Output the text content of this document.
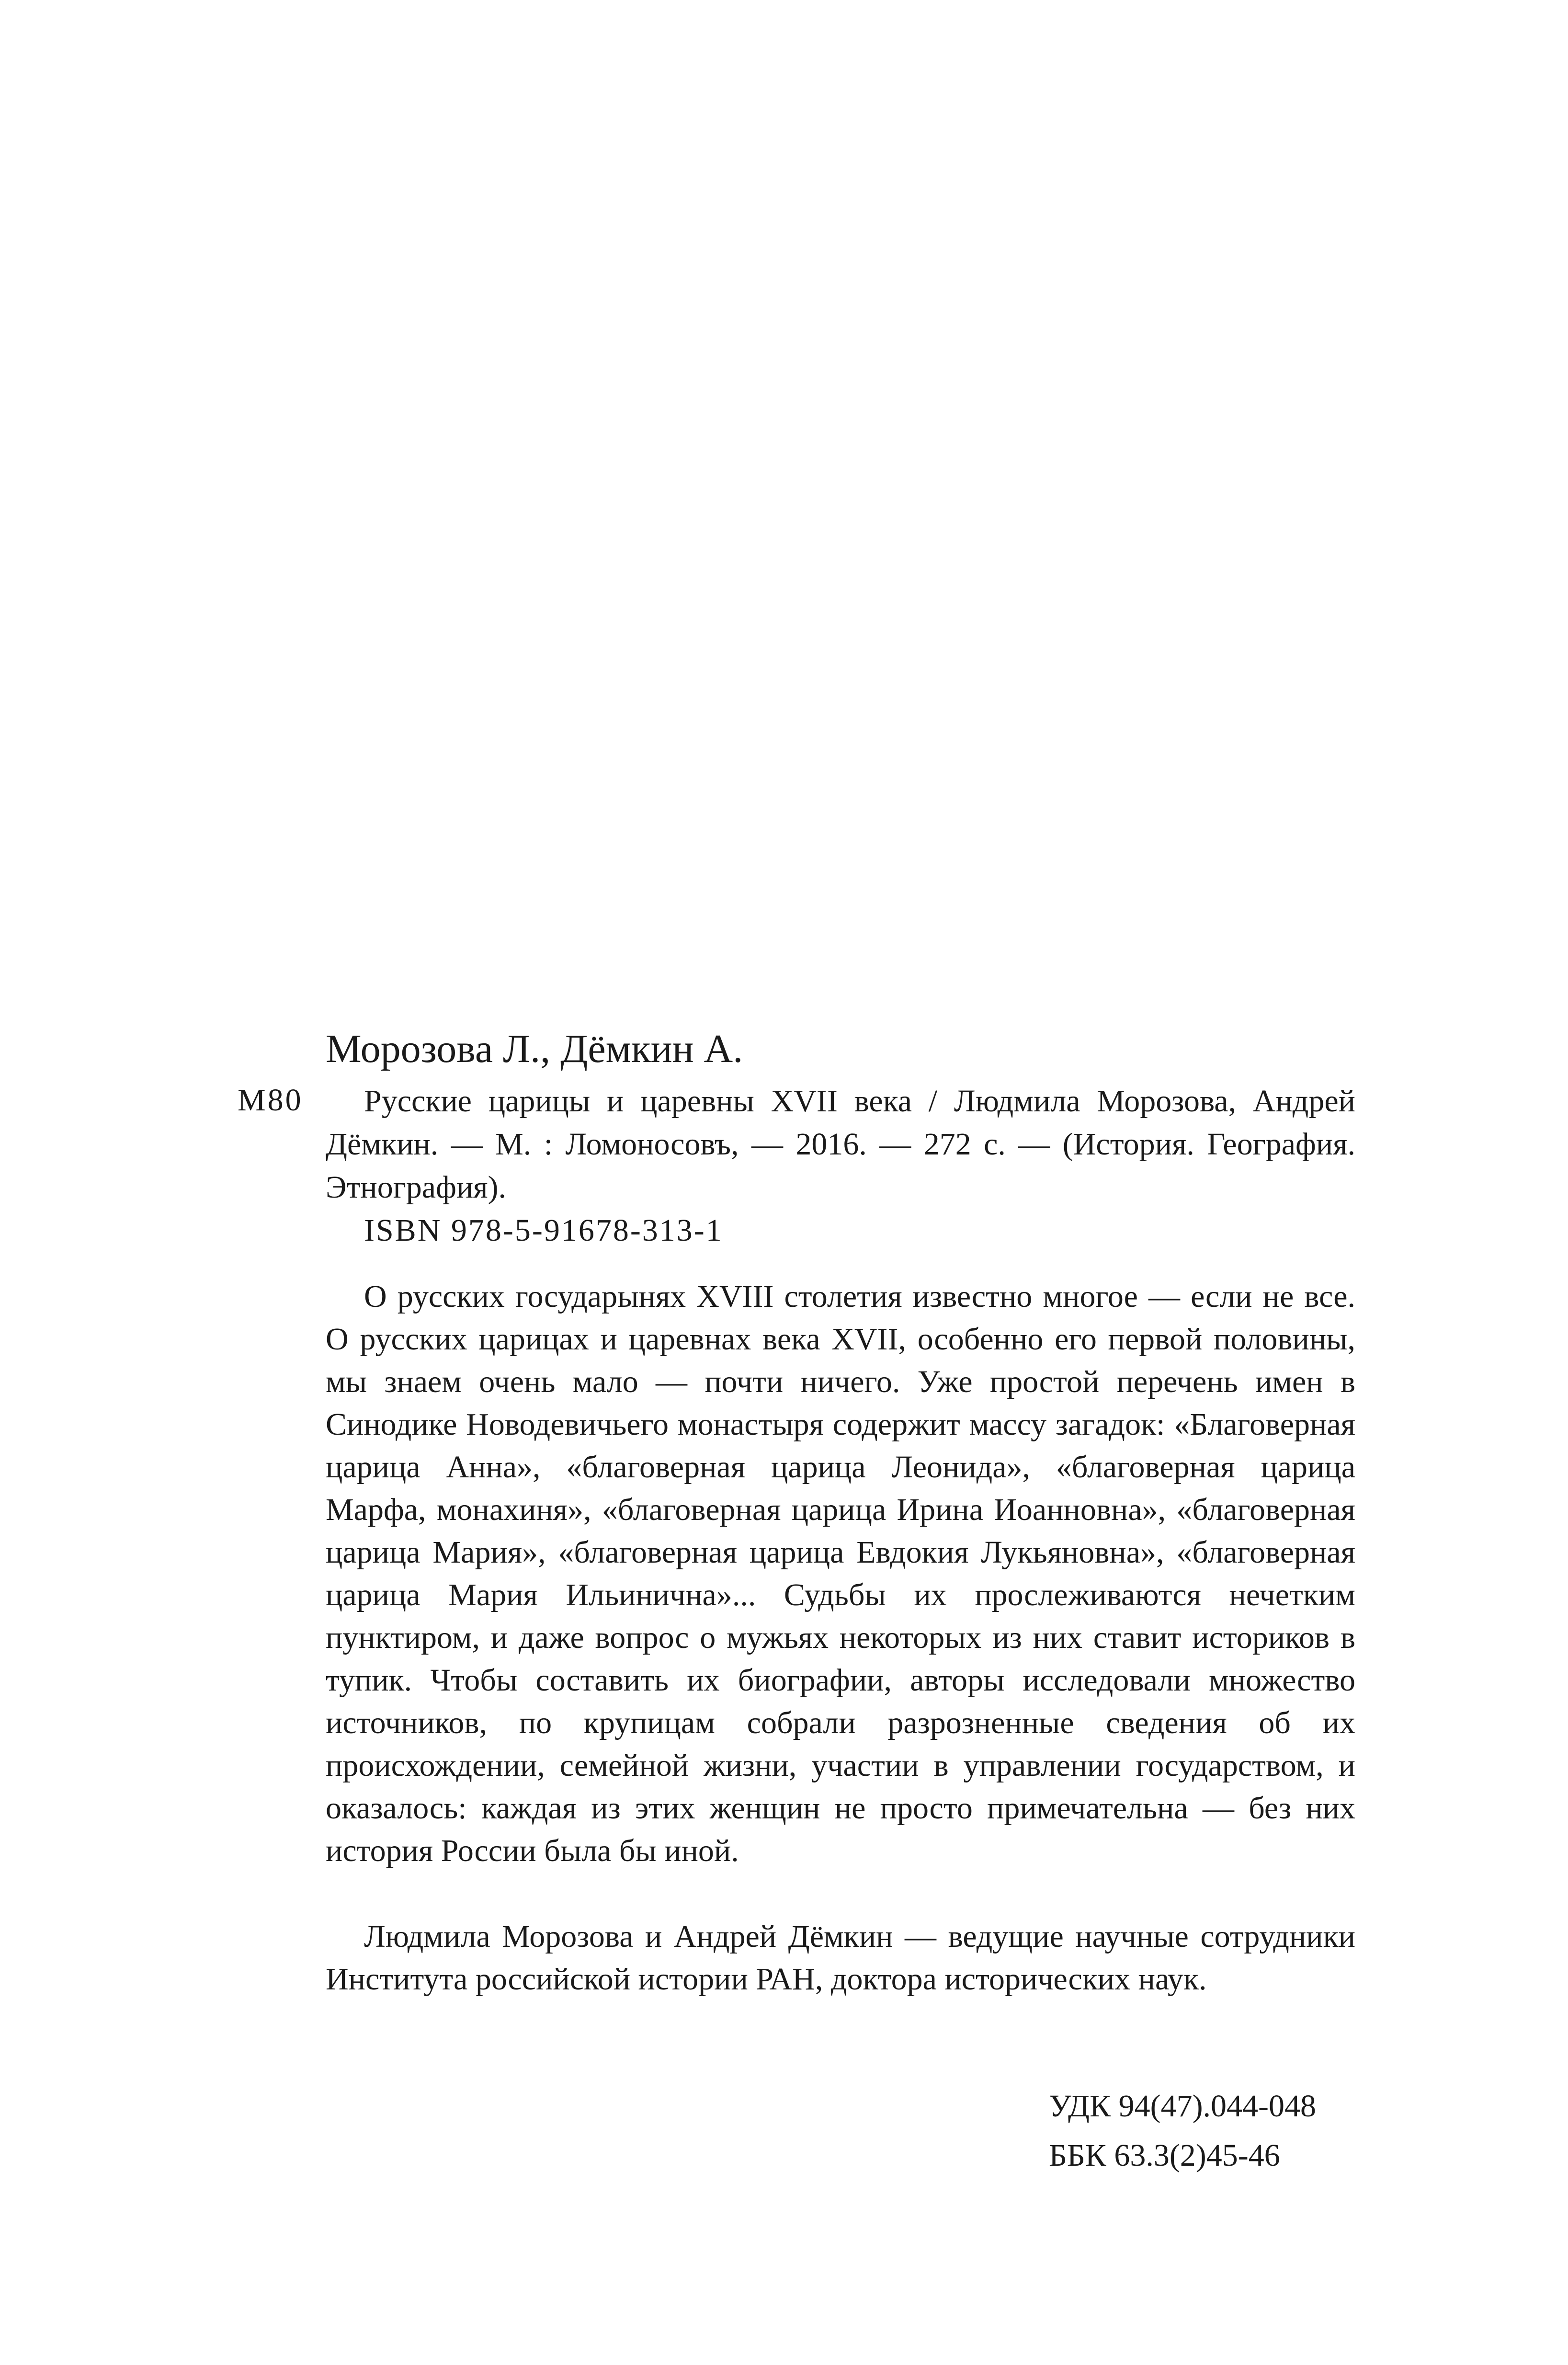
М80

Морозова Л., Дёмкин А.

Русские царицы и царевны XVII века / Людмила Морозова, Андрей Дёмкин. — М. : Ломоносовъ, — 2016. — 272 с. — (История. География. Этнография).

ISBN 978-5-91678-313-1

О русских государынях XVIII столетия известно многое — если не все. О русских царицах и царевнах века XVII, особенно его первой половины, мы знаем очень мало — почти ничего. Уже простой перечень имен в Синодике Новодевичьего монастыря содержит массу загадок: «Благоверная царица Анна», «благоверная царица Леонида», «благоверная царица Марфа, монахиня», «благоверная царица Ирина Иоанновна», «благоверная царица Мария», «благоверная царица Евдокия Лукьяновна», «благоверная царица Мария Ильинична»... Судьбы их прослеживаются нечетким пунктиром, и даже вопрос о мужьях некоторых из них ставит историков в тупик. Чтобы составить их биографии, авторы исследовали множество источников, по крупицам собрали разрозненные сведения об их происхождении, семейной жизни, участии в управлении государством, и оказалось: каждая из этих женщин не просто примечательна — без них история России была бы иной.

Людмила Морозова и Андрей Дёмкин — ведущие научные сотрудники Института российской истории РАН, доктора исторических наук.

УДК 94(47).044-048
ББК 63.3(2)45-46
